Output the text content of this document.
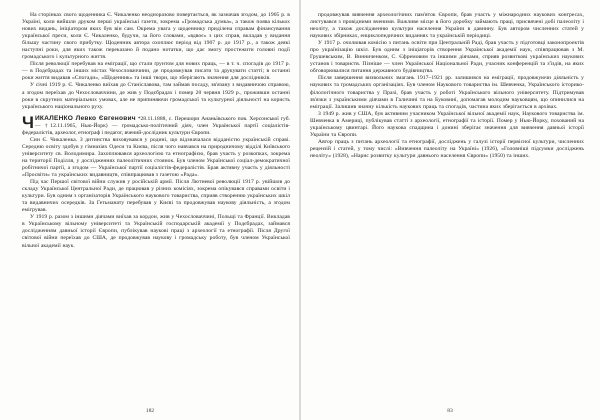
На сторінках свого щоденника Є. Чикаленко неодноразово повертається, як зазначав згодом, до 1905 р. в Україні, коли вийшли друком перші українські газети, зокрема «Громадська думка», а також поява кількох нових видань, ініціатором яких був він сам. Окрема увага у щоденнику приділена справам фінансування української преси, коли Є. Чикаленко, будучи, за його словами, «вдвоє» з цих справ, вкладав у видання більшу частину свого прибутку. Щоденник автора охоплює період від 1907 р. до 1917 р., а також деякі наступні роки, для яких також переказано й подано нотатки, що дає змогу простежити головні події громадського і культурного життя.

Після революції перебував на еміграції, що стали ґрунтом для нових праць, — в т. ч. спогадів до 1917 р. — в Подєбрадах та інших містах Чехословаччини, де продовжував писати та друкувати статті; в останні роки життя видавав «Спогади», «Щоденник» та інші твори, що зберігають значення для дослідників.

У січні 1919 р. Є. Чикаленко виїхав до Станіславова, там займав посаду, зв'язану з видавничою справою, а згодом переїхав до Чехословаччини, де жив у Подєбрадах і помер 20 червня 1929 р., проживши останні роки в скрутних матеріальних умовах, але не припиняючи громадської та культурної діяльності на користь українського національного руху.

Ч ИКАЛЕНКО Левко Євгенович *28.11.1888, с. Перешори Ананьївського пов. Херсонської губ. — †12.11.1965, Нью-Йорк) — громадсько-політичний діяч, член Української партії соціалістів-федералістів, археолог, етнограф і педагог, вчений-дослідник культури Європи.

Син Є. Чикаленка. З дитинства виховувався у родині, що відзначалася відданістю українській справі. Середню освіту здобув у гімназіях Одеси та Києва, після чого навчався на природничому відділі Київського університету св. Володимира. Захоплювався археологією та етнографією, брав участь у розкопках, зокрема на території Поділля, у дослідженнях палеолітичних стоянок. Був членом Української соціал-демократичної робітничої партії, а згодом — Української партії соціалістів-федералістів. Брав активну участь у діяльності «Просвіти» та українських видавництв, співпрацював з газетою «Рада».

Під час Першої світової війни служив у російській армії. Після Лютневої революції 1917 р. увійшов до складу Української Центральної Ради, де працював у різних комісіях, зокрема опікувався справами освіти і культури. Був одним з організаторів Українського наукового товариства, сприяв створенню українських шкіл та видавничих осередків. За Гетьманату перебував у Києві та продовжував наукову діяльність, а згодом емігрував.

У 1919 р. разом з іншими діячами виїхав за кордон, жив у Чехословаччині, Польщі та Франції. Викладав в Українському вільному університеті та Українській господарській академії у Подєбрадах, займався дослідженням давньої історії Європи, публікував наукові праці з археології та етнографії. Після Другої світової війни переїхав до США, де продовжував наукову і громадську роботу, був членом Української вільної академії наук.

182

продовжував вивчення археологічних пам'яток Європи, брав участь у міжнародних наукових конгресах, листувався з провідними вченими. Важливе місце в його доробку займають праці, присвячені добі палеоліту і неоліту, а також дослідженню культури населення України в давнину. Був автором численних статей у наукових збірниках, енциклопедичних виданнях та українській періодиці.

У 1917 р. очолював комісію з питань освіти при Центральній Раді, брав участь у підготовці законопроектів про українізацію шкіл. Був одним з ініціаторів створення Української академії наук, співпрацював з М. Грушевським, В. Винниченком, С. Єфремовим та іншими діячами, сприяв розвиткові українських наукових установ і товариств. Пізніше — член Української Національної Ради, учасник конференцій та з'їздів, на яких обговорювалися питання державного будівництва.

Після завершення визвольних змагань 1917–1921 рр. залишився на еміграції, продовжуючи діяльність у наукових та громадських організаціях. Був членом Наукового товариства ім. Шевченка, Українського історико-філологічного товариства у Празі, брав участь у роботі Українського вільного університету. Підтримував зв'язки з українськими діячами в Галичині та на Буковині, допомагав молодим науковцям, що опинилися на еміграції. Залишив значну кількість наукових праць та спогадів, частина яких зберігається в архівах.

З 1949 р. жив у США, був активним учасником Української вільної академії наук, Наукового товариства ім. Шевченка в Америці, публікував статті з археології, етнографії та історії. Помер у Нью-Йорку, похований на українському цвинтарі. Його наукова спадщина і донині зберігає значення для вивчення давньої історії України та Європи.

Автор праць з питань археології та етнографії, досліджень у галузі історії первісної культури, численних рецензій і статей, у тому числі: «Вивчення палеоліту на Україні» (1926), «Головніші підсумки досліджень неоліту» (1928), «Нарис розвитку культури давнього населення Європи» (1950) та інших.

83
